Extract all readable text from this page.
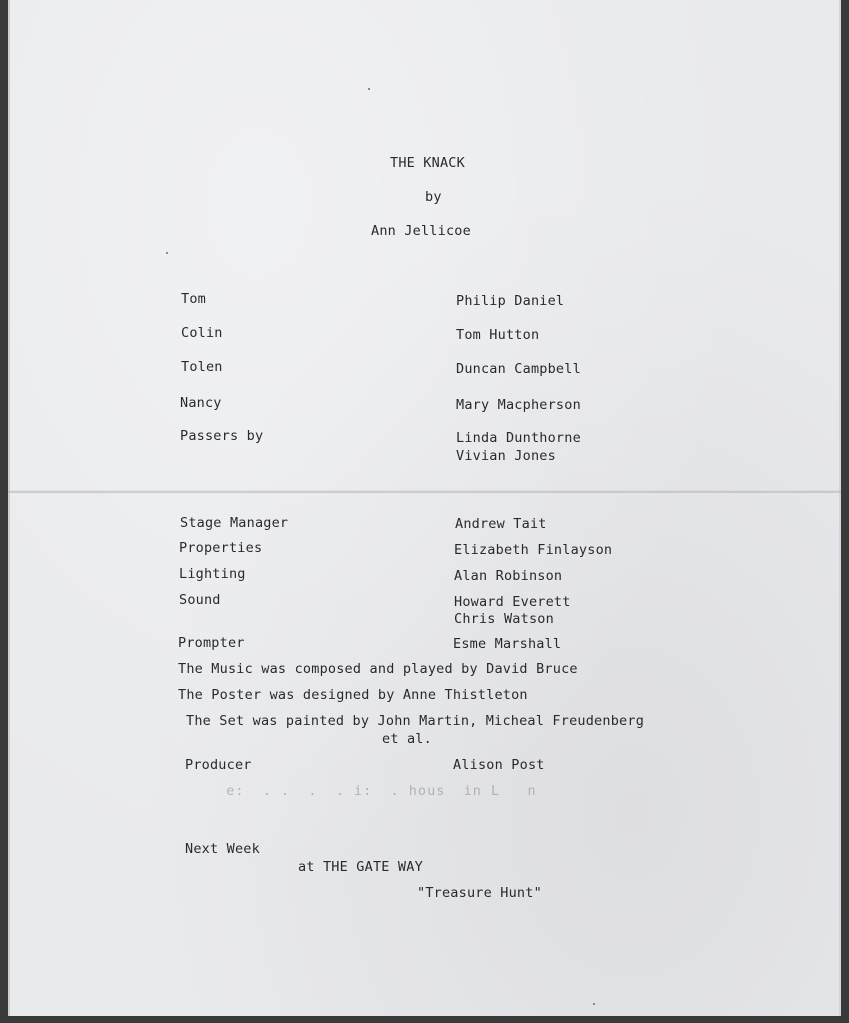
THE KNACK
by
Ann Jellicoe
Tom	Philip Daniel
Colin	Tom Hutton
Tolen	Duncan Campbell
Nancy	Mary Macpherson
Passers by	Linda Dunthorne
Vivian Jones
Stage Manager	Andrew Tait
Properties	Elizabeth Finlayson
Lighting	Alan Robinson
Sound	Howard Everett
Chris Watson
Prompter	Esme Marshall
The Music was composed and played by David Bruce
The Poster was designed by Anne Thistleton
The Set was painted by John Martin, Micheal Freudenberg
et al.
Producer	Alison Post
e:  . .  .  . i:  . hous  in L   n
Next Week
at THE GATE WAY
"Treasure Hunt"
